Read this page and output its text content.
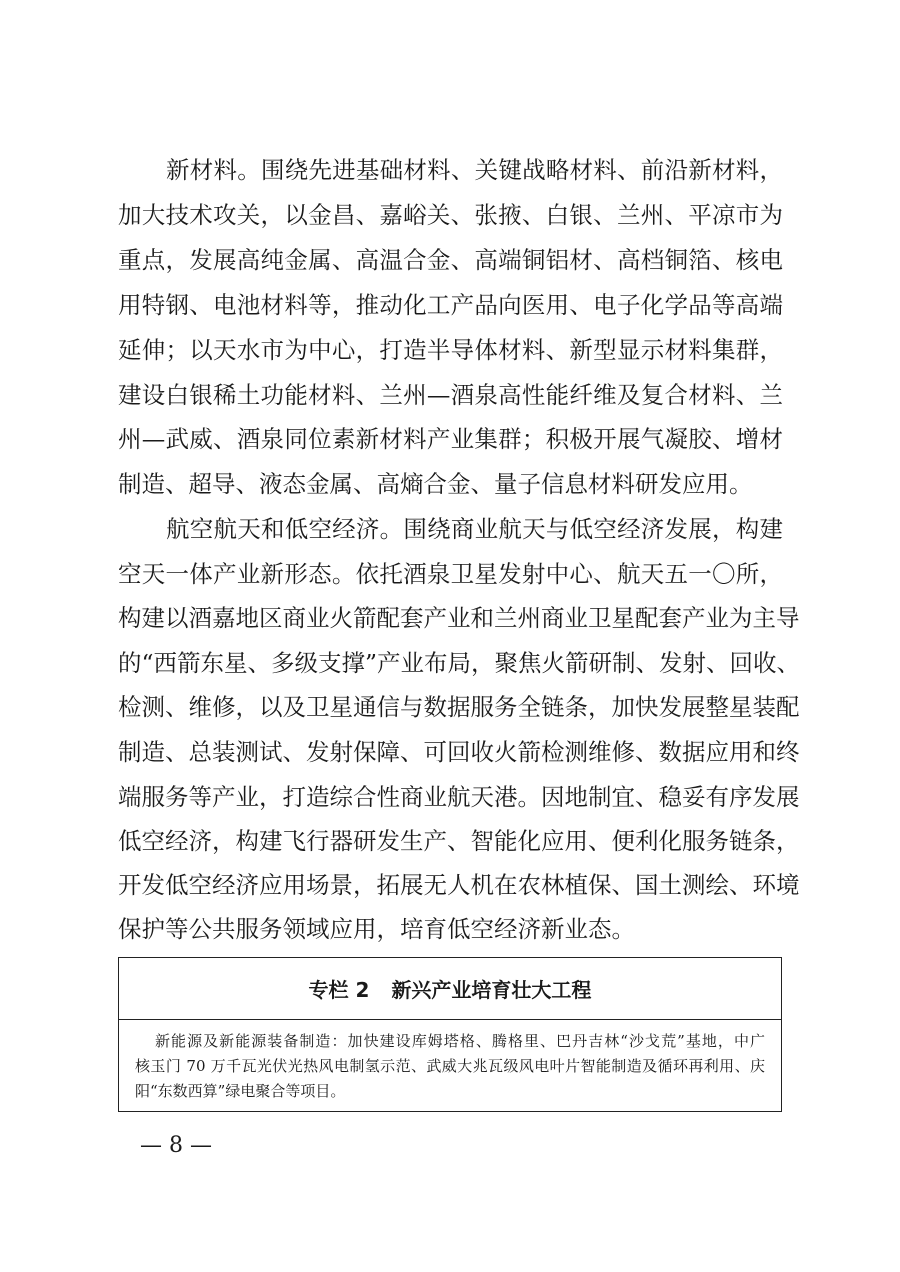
新材料。围绕先进基础材料、关键战略材料、前沿新材料，
加大技术攻关，以金昌、嘉峪关、张掖、白银、兰州、平凉市为
重点，发展高纯金属、高温合金、高端铜铝材、高档铜箔、核电
用特钢、电池材料等，推动化工产品向医用、电子化学品等高端
延伸；以天水市为中心，打造半导体材料、新型显示材料集群，
建设白银稀土功能材料、兰州—酒泉高性能纤维及复合材料、兰
州—武威、酒泉同位素新材料产业集群；积极开展气凝胶、增材
制造、超导、液态金属、高熵合金、量子信息材料研发应用。
航空航天和低空经济。围绕商业航天与低空经济发展，构建
空天一体产业新形态。依托酒泉卫星发射中心、航天五一〇所，
构建以酒嘉地区商业火箭配套产业和兰州商业卫星配套产业为主导
的“西箭东星、多级支撑”产业布局，聚焦火箭研制、发射、回收、
检测、维修，以及卫星通信与数据服务全链条，加快发展整星装配
制造、总装测试、发射保障、可回收火箭检测维修、数据应用和终
端服务等产业，打造综合性商业航天港。因地制宜、稳妥有序发展
低空经济，构建飞行器研发生产、智能化应用、便利化服务链条，
开发低空经济应用场景，拓展无人机在农林植保、国土测绘、环境
保护等公共服务领域应用，培育低空经济新业态。
专栏 2 新兴产业培育壮大工程
新能源及新能源装备制造：加快建设库姆塔格、腾格里、巴丹吉林“沙戈荒”基地，中广
核玉门 70 万千瓦光伏光热风电制氢示范、武威大兆瓦级风电叶片智能制造及循环再利用、庆
阳“东数西算”绿电聚合等项目。
— 8 —
